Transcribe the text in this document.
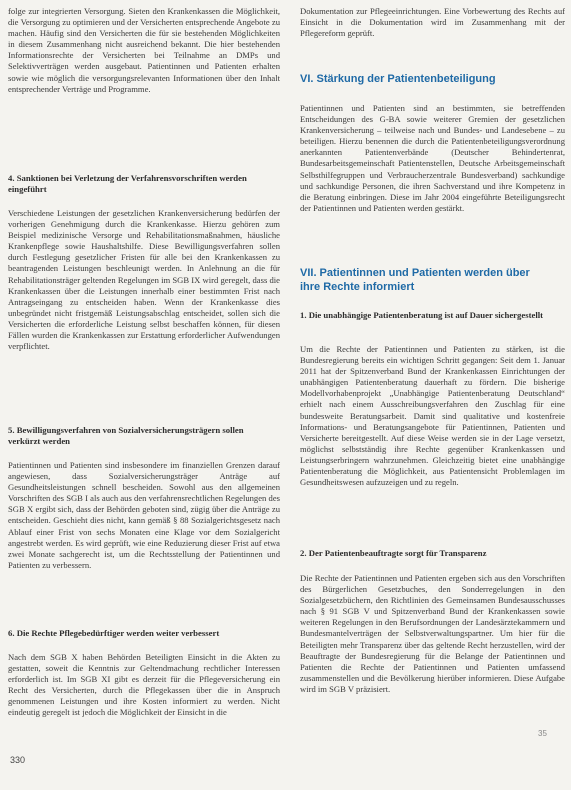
folge zur integrierten Versorgung. Sieten den Krankenkassen die Möglichkeit, die Versorgung zu optimieren und der Versicherten entsprechende Angebote zu machen. Häufig sind den Versicherten die für sie bestehenden Möglichkeiten in diesem Zusammenhang nicht ausreichend bekannt. Die hier bestehenden Informationsrechte der Versicherten bei Teilnahme an DMPs und Selektivverträgen werden ausgebaut. Patientinnen und Patienten erhalten sowie wie möglich die versorgungsrelevanten Informationen über den Inhalt entsprechender Verträge und Programme.

4. Sanktionen bei Verletzung der Verfahrensvorschriften werden eingeführt

Verschiedene Leistungen der gesetzlichen Krankenversicherung bedürfen der vorherigen Genehmigung durch die Krankenkasse. Hierzu gehören zum Beispiel medizinische Versorge und Rehabilitationsmaßnahmen, häusliche Krankenpflege sowie Haushaltshilfe. Diese Bewilligungsverfahren sollen durch Festlegung gesetzlicher Fristen für alle bei den Krankenkassen zu beantragenden Leistungen beschleunigt werden. In Anlehnung an die für Rehabilitationsträger geltenden Regelungen im SGB IX wird geregelt, dass die Krankenkassen über die Leistungen innerhalb einer bestimmten Frist nach Antragseingang zu entscheiden haben. Wenn der Krankenkasse dies unbegründet nicht fristgemäß Leistungsabschlag entscheidet, sollen sich die Versicherten die erforderliche Leistung selbst beschaffen können, für diesen Fällen wurden die Krankenkassen zur Erstattung erforderlicher Aufwendungen verpflichtet.

5. Bewilligungsverfahren von Sozialversicherungsträgern sollen verkürzt werden

Patientinnen und Patienten sind insbesondere im finanziellen Grenzen darauf angewiesen, dass Sozialversicherungsträger Anträge auf Gesundheitsleistungen schnell bescheiden. Sowohl aus den allgemeinen Vorschriften des SGB I als auch aus den verfahrensrechtlichen Regelungen des SGB X ergibt sich, dass der Behörden geboten sind, zügig über die Anträge zu entscheiden. Geschieht dies nicht, kann gemäß § 88 Sozialgerichtsgesetz nach Ablauf einer Frist von sechs Monaten eine Klage vor dem Sozialgericht angestrebt werden. Es wird geprüft, wie eine Reduzierung dieser Frist auf etwa zwei Monate sachgerecht ist, um die Rechtsstellung der Patientinnen und Patienten zu verbessern.

6. Die Rechte Pflegebedürftiger werden weiter verbessert

Nach dem SGB X haben Behörden Beteiligten Einsicht in die Akten zu gestatten, soweit die Kenntnis zur Geltendmachung rechtlicher Interessen erforderlich ist. Im SGB XI gibt es derzeit für die Pflegeversicherung ein Recht des Versicherten, durch die Pflegekassen über die in Anspruch genommenen Leistungen und ihre Kosten informiert zu werden. Nicht eindeutig geregelt ist jedoch die Möglichkeit der Einsicht in die

Dokumentation zur Pflegeeinrichtungen. Eine Vorbewertung des Rechts auf Einsicht in die Dokumentation wird im Zusammenhang mit der Pflegereform geprüft.

VI. Stärkung der Patientenbeteiligung

Patientinnen und Patienten sind an bestimmten, sie betreffenden Entscheidungen des G-BA sowie weiterer Gremien der gesetzlichen Krankenversicherung – teilweise nach und Bundes- und Landesebene – zu beteiligen. Hierzu benennen die durch die Patientenbeteiligungsverordnung anerkannten Patientenverbände (Deutscher Behindertenrat, Bundesarbeitsgemeinschaft Patientenstellen, Deutsche Arbeitsgemeinschaft Selbsthilfegruppen und Verbraucherzentrale Bundesverband) sachkundige und sachkundige Personen, die ihren Sachverstand und ihre Kompetenz in die Beratung einbringen. Diese im Jahr 2004 eingeführte Beteiligungsrecht der Patientinnen und Patienten werden gestärkt.

VII. Patientinnen und Patienten werden über
ihre Rechte informiert
1. Die unabhängige Patientenberatung ist auf Dauer sichergestellt

Um die Rechte der Patientinnen und Patienten zu stärken, ist die Bundesregierung bereits ein wichtigen Schritt gegangen: Seit dem 1. Januar 2011 hat der Spitzenverband Bund der Krankenkassen Einrichtungen der unabhängigen Patientenberatung dauerhaft zu fördern. Die bisherige Modellvorhabenprojekt „Unabhängige Patientenberatung Deutschland“ erhielt nach einem Ausschreibungsverfahren den Zuschlag für eine bundesweite Beratungsarbeit. Damit sind qualitative und kostenfreie Informations- und Beratungsangebote für Patientinnen, Patienten und Versicherte bereitgestellt. Auf diese Weise werden sie in der Lage versetzt, möglichst selbstständig ihre Rechte gegenüber Krankenkassen und Leistungserbringern wahrzunehmen. Gleichzeitig bietet eine unabhängige Patientenberatung die Möglichkeit, aus Patientensicht Problemlagen im Gesundheitswesen aufzuzeigen und zu regeln.

2. Der Patientenbeauftragte sorgt für Transparenz

Die Rechte der Patientinnen und Patienten ergeben sich aus den Vorschriften des Bürgerlichen Gesetzbuches, den Sonderregelungen in den Sozialgesetzbüchern, den Richtlinien des Gemeinsamen Bundesausschusses nach § 91 SGB V und Spitzenverband Bund der Krankenkassen sowie weiteren Regelungen in den Berufsordnungen der Landesärztekammern und Bundesmantelverträgen der Selbstverwaltungspartner. Um hier für die Beteiligten mehr Transparenz über das geltende Recht herzustellen, wird der Beauftragte der Bundesregierung für die Belange der Patientinnen und Patienten die Rechte der Patientinnen und Patienten umfassend zusammenstellen und die Bevölkerung hierüber informieren. Diese Aufgabe wird im SGB V präzisiert.

330
35
